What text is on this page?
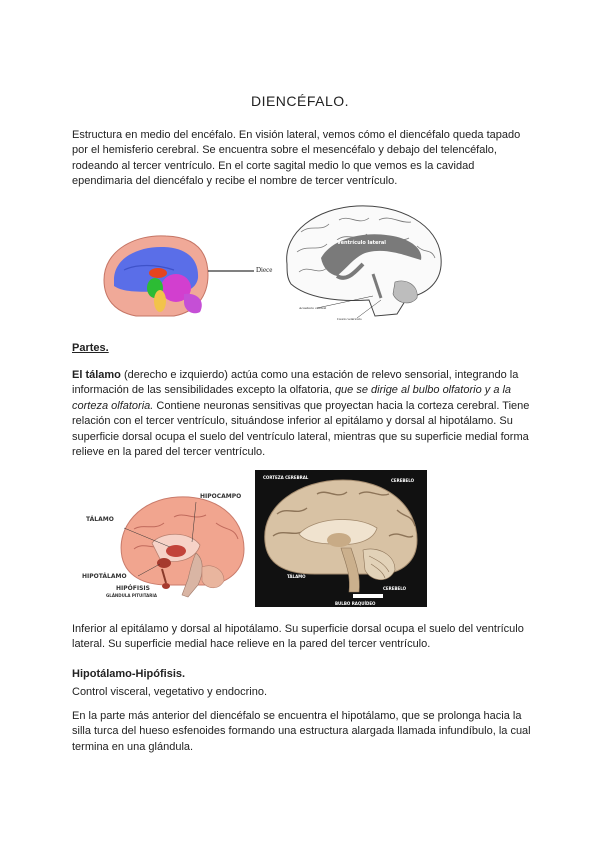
DIENCÉFALO.

Estructura en medio del encéfalo. En visión lateral, vemos cómo el diencéfalo queda tapado por el hemisferio cerebral. Se encuentra sobre el mesencéfalo y debajo del telencéfalo, rodeando al tercer ventrículo. En el corte sagital medio lo que vemos es la cavidad ependimaria del diencéfalo y recibe el nombre de tercer ventrículo.

Diece
Ventrículo lateral
Acueducto cerebral
Cuarto ventrículo
Partes.

El tálamo (derecho e izquierdo) actúa como una estación de relevo sensorial, integrando la información de las sensibilidades excepto la olfatoria, que se dirige al bulbo olfatorio y a la corteza olfatoria. Contiene neuronas sensitivas que proyectan hacia la corteza cerebral. Tiene relación con el tercer ventrículo, situándose inferior al epitálamo y dorsal al hipotálamo. Su superficie dorsal ocupa el suelo del ventrículo lateral, mientras que su superficie medial forma relieve en la pared del tercer ventrículo.

HIPOCAMPO
TÁLAMO
HIPOTÁLAMO
HIPÓFISIS
GLÁNDULA PITUITARIA
CORTEZA CEREBRAL
CEREBELO
TÁLAMO
CEREBELO
BULBO RAQUÍDEO

Inferior al epitálamo y dorsal al hipotálamo. Su superficie dorsal ocupa el suelo del ventrículo lateral. Su superficie medial hace relieve en la pared del tercer ventrículo.

Hipotálamo-Hipófisis.

Control visceral, vegetativo y endocrino.

En la parte más anterior del diencéfalo se encuentra el hipotálamo, que se prolonga hacia la silla turca del hueso esfenoides formando una estructura alargada llamada infundíbulo, la cual termina en una glándula.
